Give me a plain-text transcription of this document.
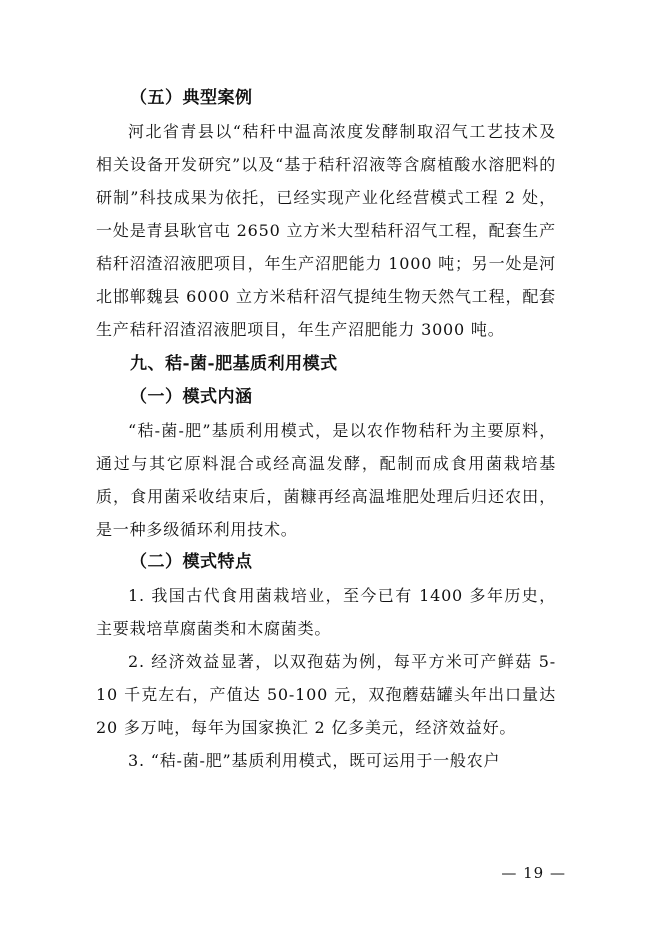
（五）典型案例

河北省青县以“秸秆中温高浓度发酵制取沼气工艺技术及相关设备开发研究”以及“基于秸秆沼液等含腐植酸水溶肥料的研制”科技成果为依托，已经实现产业化经营模式工程 2 处，一处是青县耿官屯 2650 立方米大型秸秆沼气工程，配套生产秸秆沼渣沼液肥项目，年生产沼肥能力 1000 吨；另一处是河北邯郸魏县 6000 立方米秸秆沼气提纯生物天然气工程，配套生产秸秆沼渣沼液肥项目，年生产沼肥能力 3000 吨。

九、秸-菌-肥基质利用模式

（一）模式内涵

“秸-菌-肥”基质利用模式，是以农作物秸秆为主要原料，通过与其它原料混合或经高温发酵，配制而成食用菌栽培基质，食用菌采收结束后，菌糠再经高温堆肥处理后归还农田，是一种多级循环利用技术。

（二）模式特点

1. 我国古代食用菌栽培业，至今已有 1400 多年历史，主要栽培草腐菌类和木腐菌类。

2. 经济效益显著，以双孢菇为例，每平方米可产鲜菇 5-10 千克左右，产值达 50-100 元，双孢蘑菇罐头年出口量达 20 多万吨，每年为国家换汇 2 亿多美元，经济效益好。

3. “秸-菌-肥”基质利用模式，既可运用于一般农户

— 19 —
